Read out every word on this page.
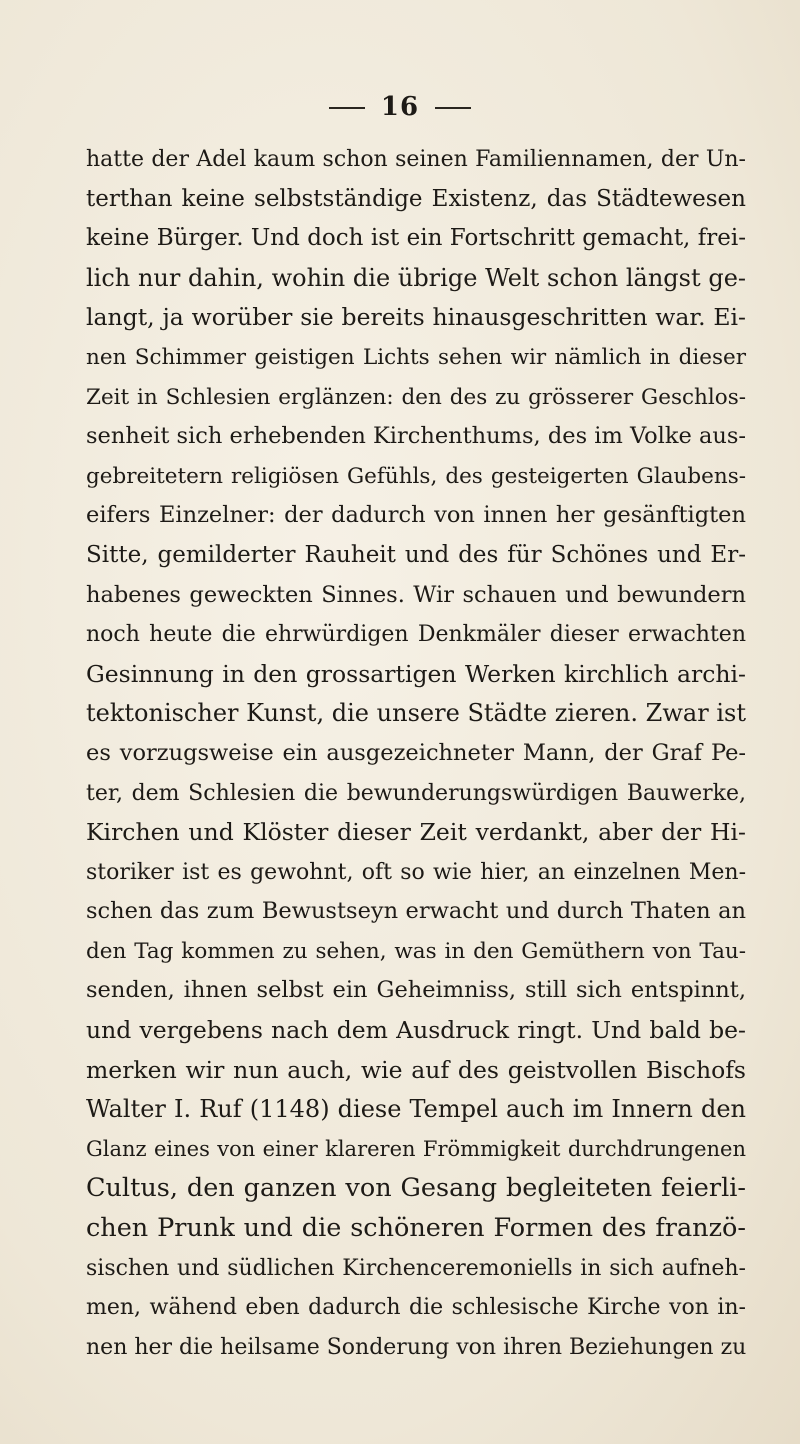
16
hatte der Adel kaum schon seinen Familiennamen, der Un-
terthan keine selbstständige Existenz, das Städtewesen
keine Bürger. Und doch ist ein Fortschritt gemacht, frei-
lich nur dahin, wohin die übrige Welt schon längst ge-
langt, ja worüber sie bereits hinausgeschritten war. Ei-
nen Schimmer geistigen Lichts sehen wir nämlich in dieser
Zeit in Schlesien erglänzen: den des zu grösserer Geschlos-
senheit sich erhebenden Kirchenthums, des im Volke aus-
gebreitetern religiösen Gefühls, des gesteigerten Glaubens-
eifers Einzelner: der dadurch von innen her gesänftigten
Sitte, gemilderter Rauheit und des für Schönes und Er-
habenes geweckten Sinnes. Wir schauen und bewundern
noch heute die ehrwürdigen Denkmäler dieser erwachten
Gesinnung in den grossartigen Werken kirchlich archi-
tektonischer Kunst, die unsere Städte zieren. Zwar ist
es vorzugsweise ein ausgezeichneter Mann, der Graf Pe-
ter, dem Schlesien die bewunderungswürdigen Bauwerke,
Kirchen und Klöster dieser Zeit verdankt, aber der Hi-
storiker ist es gewohnt, oft so wie hier, an einzelnen Men-
schen das zum Bewustseyn erwacht und durch Thaten an
den Tag kommen zu sehen, was in den Gemüthern von Tau-
senden, ihnen selbst ein Geheimniss, still sich entspinnt,
und vergebens nach dem Ausdruck ringt. Und bald be-
merken wir nun auch, wie auf des geistvollen Bischofs
Walter I. Ruf (1148) diese Tempel auch im Innern den
Glanz eines von einer klareren Frömmigkeit durchdrungenen
Cultus, den ganzen von Gesang begleiteten feierli-
chen Prunk und die schöneren Formen des franzö-
sischen und südlichen Kirchenceremoniells in sich aufneh-
men, wähend eben dadurch die schlesische Kirche von in-
nen her die heilsame Sonderung von ihren Beziehungen zu
